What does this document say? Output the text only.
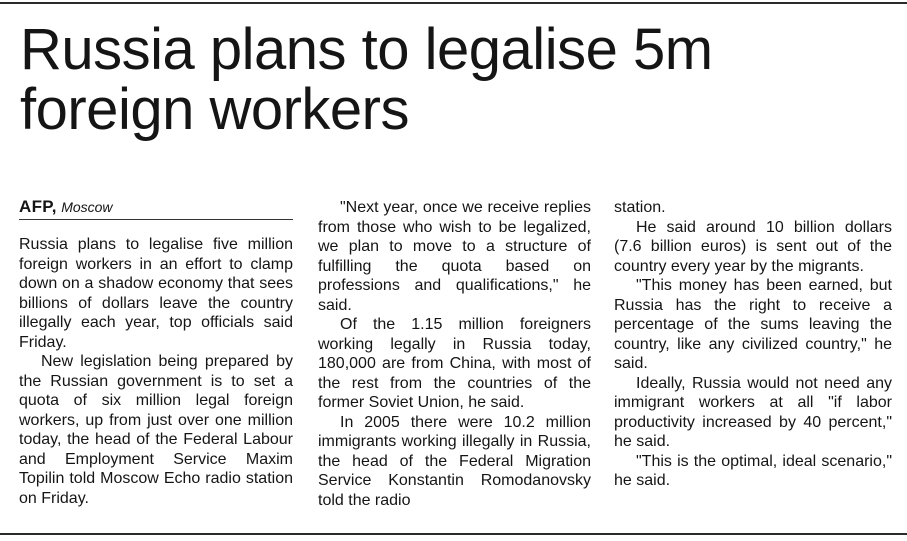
Russia plans to legalise 5m foreign workers
AFP, Moscow

Russia plans to legalise five million foreign workers in an effort to clamp down on a shadow economy that sees billions of dollars leave the country illegally each year, top officials said Friday.

New legislation being prepared by the Russian government is to set a quota of six million legal foreign workers, up from just over one million today, the head of the Federal Labour and Employment Service Maxim Topilin told Moscow Echo radio station on Friday.

"Next year, once we receive replies from those who wish to be legalized, we plan to move to a structure of fulfilling the quota based on professions and qualifications," he said.

Of the 1.15 million foreigners working legally in Russia today, 180,000 are from China, with most of the rest from the countries of the former Soviet Union, he said.

In 2005 there were 10.2 million immigrants working illegally in Russia, the head of the Federal Migration Service Konstantin Romodanovsky told the radio

station.

He said around 10 billion dollars (7.6 billion euros) is sent out of the country every year by the migrants.

"This money has been earned, but Russia has the right to receive a percentage of the sums leaving the country, like any civilized country," he said.

Ideally, Russia would not need any immigrant workers at all "if labor productivity increased by 40 percent," he said.

"This is the optimal, ideal scenario," he said.
